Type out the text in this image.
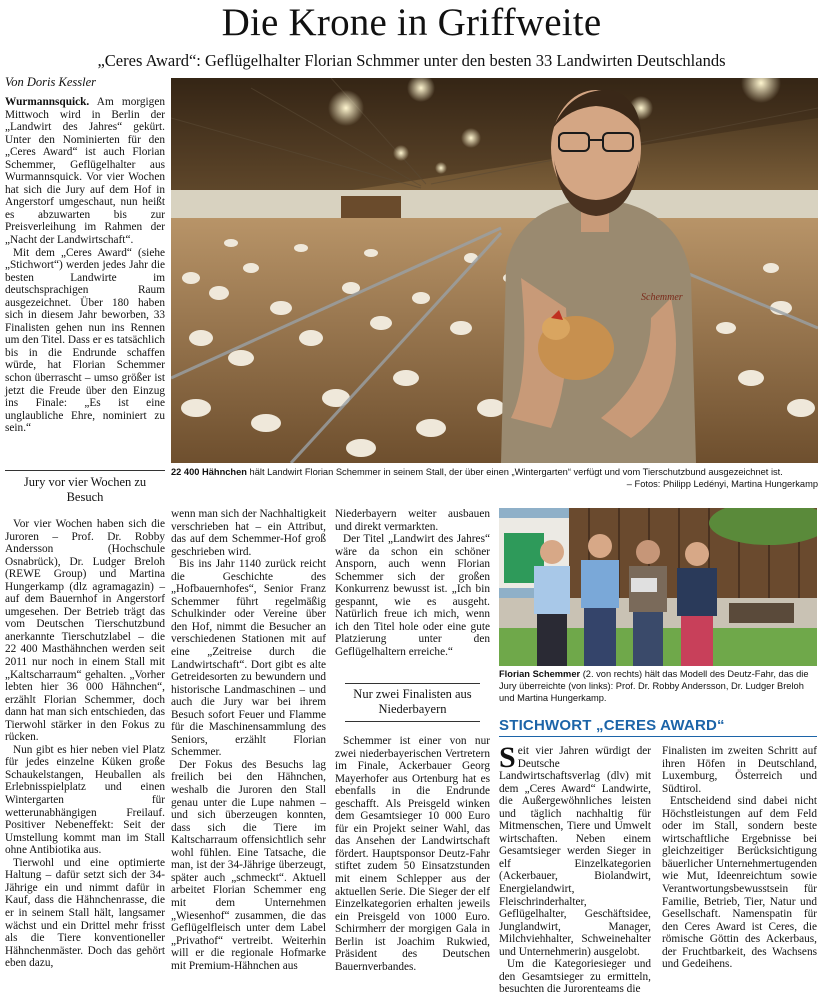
Die Krone in Griffweite
„Ceres Award“: Geflügelhalter Florian Schmmer unter den besten 33 Landwirten Deutschlands
Von Doris Kessler

Wurmannsquick. Am morgigen Mittwoch wird in Berlin der „Landwirt des Jahres“ gekürt. Unter den Nominierten für den „Ceres Award“ ist auch Florian Schemmer, Geflügelhalter aus Wurmannsquick. Vor vier Wochen hat sich die Jury auf dem Hof in Angerstorf umgeschaut, nun heißt es abzuwarten bis zur Preisverleihung im Rahmen der „Nacht der Landwirtschaft“.

Mit dem „Ceres Award“ (siehe „Stichwort“) werden jedes Jahr die besten Landwirte im deutschsprachigen Raum ausgezeichnet. Über 180 haben sich in diesem Jahr beworben, 33 Finalisten gehen nun ins Rennen um den Titel. Dass er es tatsächlich bis in die Endrunde schaffen würde, hat Florian Schemmer schon überrascht – umso größer ist jetzt die Freude über den Einzug ins Finale: „Es ist eine unglaubliche Ehre, nominiert zu sein.“

Jury vor vier Wochen zu Besuch

Vor vier Wochen haben sich die Juroren – Prof. Dr. Robby Andersson (Hochschule Osnabrück), Dr. Ludger Breloh (REWE Group) und Martina Hungerkamp (dlz agramagazin) – auf dem Bauernhof in Angerstorf umgesehen. Der Betrieb trägt das vom Deutschen Tierschutzbund anerkannte Tierschutzlabel – die 22 400 Masthähnchen werden seit 2011 nur noch in einem Stall mit „Kaltscharraum“ gehalten. „Vorher lebten hier 36 000 Hähnchen“, erzählt Florian Schemmer, doch dann hat man sich entschieden, das Tierwohl stärker in den Fokus zu rücken.

Nun gibt es hier neben viel Platz für jedes einzelne Küken große Schaukelstangen, Heuballen als Erlebnisspielplatz und einen Wintergarten für wetterunabhängigen Freilauf. Positiver Nebeneffekt: Seit der Umstellung kommt man im Stall ohne Antibiotika aus.

Tierwohl und eine optimierte Haltung – dafür setzt sich der 34-Jährige ein und nimmt dafür in Kauf, dass die Hähnchenrasse, die er in seinem Stall hält, langsamer wächst und ein Drittel mehr frisst als die Tiere konventioneller Hähnchenmäster. Doch das gehört eben dazu,

Schemmer
22 400 Hähnchen hält Landwirt Florian Schemmer in seinem Stall, der über einen „Wintergarten“ verfügt und vom Tierschutzbund ausgezeichnet ist.
– Fotos: Philipp Ledényi, Martina Hungerkamp

wenn man sich der Nachhaltigkeit verschrieben hat – ein Attribut, das auf dem Schemmer-Hof groß geschrieben wird.

Bis ins Jahr 1140 zurück reicht die Geschichte des „Hofbauernhofes“, Senior Franz Schemmer führt regelmäßig Schulkinder oder Vereine über den Hof, nimmt die Besucher an verschiedenen Stationen mit auf eine „Zeitreise durch die Landwirtschaft“. Dort gibt es alte Getreidesorten zu bewundern und historische Landmaschinen – und auch die Jury war bei ihrem Besuch sofort Feuer und Flamme für die Maschinensammlung des Seniors, erzählt Florian Schemmer.

Der Fokus des Besuchs lag freilich bei den Hähnchen, weshalb die Juroren den Stall genau unter die Lupe nahmen – und sich überzeugen konnten, dass sich die Tiere im Kaltscharraum offensichtlich sehr wohl fühlen. Eine Tatsache, die man, ist der 34-Jährige überzeugt, später auch „schmeckt“. Aktuell arbeitet Florian Schemmer eng mit dem Unternehmen „Wiesenhof“ zusammen, die das Geflügelfleisch unter dem Label „Privathof“ vertreibt. Weiterhin will er die regionale Hofmarke mit Premium-Hähnchen aus

Niederbayern weiter ausbauen und direkt vermarkten.

Der Titel „Landwirt des Jahres“ wäre da schon ein schöner Ansporn, auch wenn Florian Schemmer sich der großen Konkurrenz bewusst ist. „Ich bin gespannt, wie es ausgeht. Natürlich freue ich mich, wenn ich den Titel hole oder eine gute Platzierung unter den Geflügelhaltern erreiche.“

Nur zwei Finalisten aus Niederbayern

Schemmer ist einer von nur zwei niederbayerischen Vertretern im Finale, Ackerbauer Georg Mayerhofer aus Ortenburg hat es ebenfalls in die Endrunde geschafft. Als Preisgeld winken dem Gesamtsieger 10 000 Euro für ein Projekt seiner Wahl, das das Ansehen der Landwirtschaft fördert. Hauptsponsor Deutz-Fahr stiftet zudem 50 Einsatzstunden mit einem Schlepper aus der aktuellen Serie. Die Sieger der elf Einzelkategorien erhalten jeweils ein Preisgeld von 1000 Euro. Schirmherr der morgigen Gala in Berlin ist Joachim Rukwied, Präsident des Deutschen Bauernverbandes.

Florian Schemmer (2. von rechts) hält das Modell des Deutz-Fahr, das die Jury überreichte (von links): Prof. Dr. Robby Andersson, Dr. Ludger Breloh und Martina Hungerkamp.
STICHWORT „CERES AWARD“

Seit vier Jahren würdigt der Deutsche Landwirtschaftsverlag (dlv) mit dem „Ceres Award“ Landwirte, die Außergewöhnliches leisten und täglich nachhaltig für Mitmenschen, Tiere und Umwelt wirtschaften. Neben einem Gesamtsieger werden Sieger in elf Einzelkategorien (Ackerbauer, Biolandwirt, Energielandwirt, Fleischrinderhalter, Geflügelhalter, Geschäftsidee, Junglandwirt, Manager, Milchviehhalter, Schweinehalter und Unternehmerin) ausgelobt.

Um die Kategoriesieger und den Gesamtsieger zu ermitteln, besuchten die Jurorenteams die

Finalisten im zweiten Schritt auf ihren Höfen in Deutschland, Luxemburg, Österreich und Südtirol.

Entscheidend sind dabei nicht Höchstleistungen auf dem Feld oder im Stall, sondern beste wirtschaftliche Ergebnisse bei gleichzeitiger Berücksichtigung bäuerlicher Unternehmertugenden wie Mut, Ideenreichtum sowie Verantwortungsbewusstsein für Familie, Betrieb, Tier, Natur und Gesellschaft. Namenspatin für den Ceres Award ist Ceres, die römische Göttin des Ackerbaus, der Fruchtbarkeit, des Wachsens und Gedeihens.
